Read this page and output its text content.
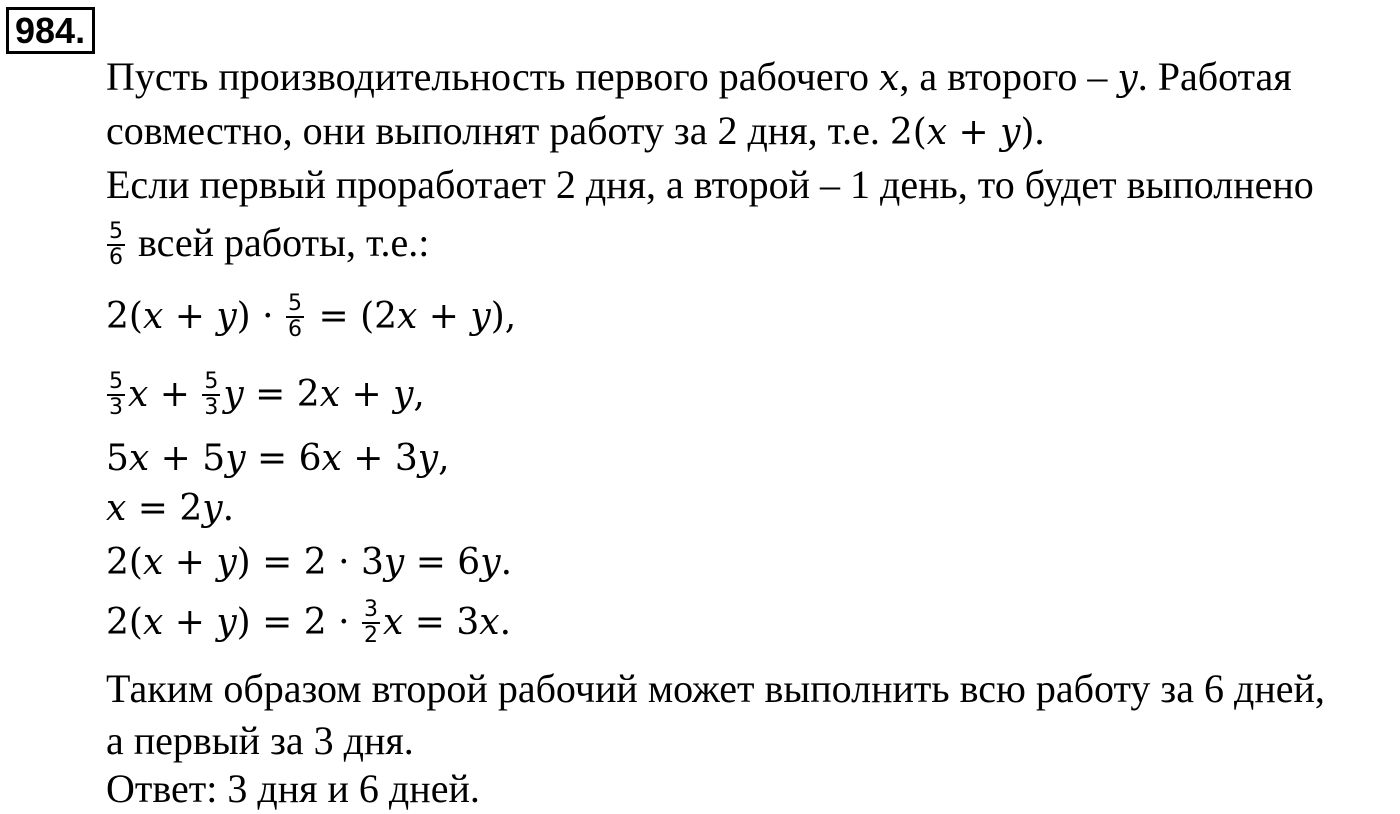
984.
Пусть производительность первого рабочего x, а второго – y. Работая
совместно, они выполнят работу за 2 дня, т.е. 2(x + y).
Если первый проработает 2 дня, а второй – 1 день, то будет выполнено
$\frac{5}{6}$ всей работы, т.е.:
$2(x + y) \cdot \frac{5}{6} = (2x + y)$,
$\frac{5}{3}$ $x + \frac{5}{3}$ y = 2x + y,
5x + 5y = 6x + 3y,
x = 2y.
2(x + y) = 2 · 3y = 6y.
$2(x + y) = 2 \cdot \frac{3}{2}$ x = 3x.
Таким образом второй рабочий может выполнить всю работу за 6 дней,
а первый за 3 дня.
Ответ: 3 дня и 6 дней.
